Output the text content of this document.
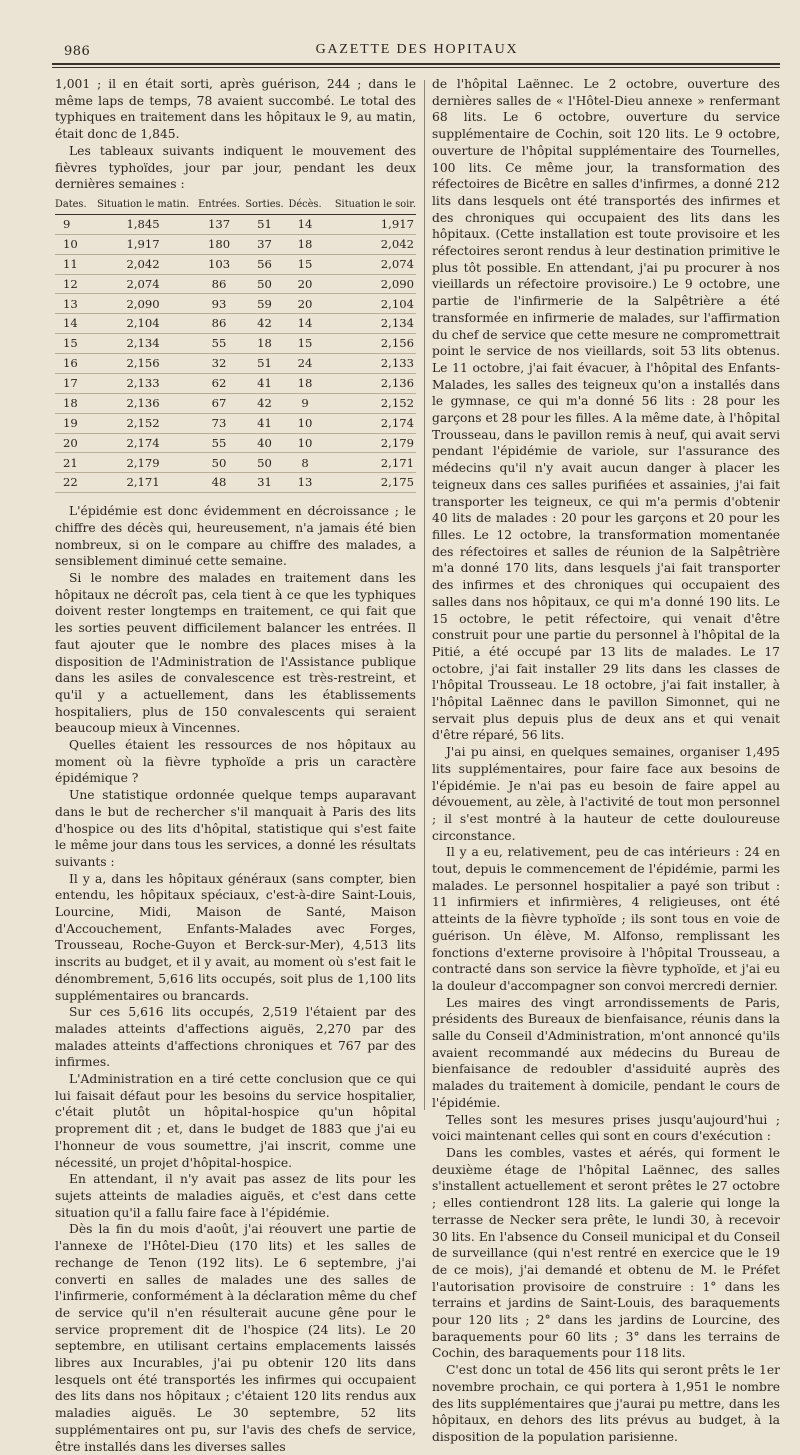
986	GAZETTE DES HOPITAUX

1,001 ; il en était sorti, après guérison, 244 ; dans le même laps de temps, 78 avaient succombé. Le total des typhiques en traitement dans les hôpitaux le 9, au matin, était donc de 1,845.

Les tableaux suivants indiquent le mouvement des fièvres typhoïdes, jour par jour, pendant les deux dernières semaines :

Dates.	Situation le matin.	Entrées.	Sorties.	Décès.	Situation le soir.
9	1,845	137	51	14	1,917
10	1,917	180	37	18	2,042
11	2,042	103	56	15	2,074
12	2,074	86	50	20	2,090
13	2,090	93	59	20	2,104
14	2,104	86	42	14	2,134
15	2,134	55	18	15	2,156
16	2,156	32	51	24	2,133
17	2,133	62	41	18	2,136
18	2,136	67	42	9	2,152
19	2,152	73	41	10	2,174
20	2,174	55	40	10	2,179
21	2,179	50	50	8	2,171
22	2,171	48	31	13	2,175

L'épidémie est donc évidemment en décroissance ; le chiffre des décès qui, heureusement, n'a jamais été bien nombreux, si on le compare au chiffre des malades, a sensiblement diminué cette semaine.

Si le nombre des malades en traitement dans les hôpitaux ne décroît pas, cela tient à ce que les typhiques doivent rester longtemps en traitement, ce qui fait que les sorties peuvent difficilement balancer les entrées. Il faut ajouter que le nombre des places mises à la disposition de l'Administration de l'Assistance publique dans les asiles de convalescence est très-restreint, et qu'il y a actuellement, dans les établissements hospitaliers, plus de 150 convalescents qui seraient beaucoup mieux à Vincennes.

Quelles étaient les ressources de nos hôpitaux au moment où la fièvre typhoïde a pris un caractère épidémique ?

Une statistique ordonnée quelque temps auparavant dans le but de rechercher s'il manquait à Paris des lits d'hospice ou des lits d'hôpital, statistique qui s'est faite le même jour dans tous les services, a donné les résultats suivants :

Il y a, dans les hôpitaux généraux (sans compter, bien entendu, les hôpitaux spéciaux, c'est-à-dire Saint-Louis, Lourcine, Midi, Maison de Santé, Maison d'Accouchement, Enfants-Malades avec Forges, Trousseau, Roche-Guyon et Berck-sur-Mer), 4,513 lits inscrits au budget, et il y avait, au moment où s'est fait le dénombrement, 5,616 lits occupés, soit plus de 1,100 lits supplémentaires ou brancards.

Sur ces 5,616 lits occupés, 2,519 l'étaient par des malades atteints d'affections aiguës, 2,270 par des malades atteints d'affections chroniques et 767 par des infirmes.

L'Administration en a tiré cette conclusion que ce qui lui faisait défaut pour les besoins du service hospitalier, c'était plutôt un hôpital-hospice qu'un hôpital proprement dit ; et, dans le budget de 1883 que j'ai eu l'honneur de vous soumettre, j'ai inscrit, comme une nécessité, un projet d'hôpital-hospice.

En attendant, il n'y avait pas assez de lits pour les sujets atteints de maladies aiguës, et c'est dans cette situation qu'il a fallu faire face à l'épidémie.

Dès la fin du mois d'août, j'ai réouvert une partie de l'annexe de l'Hôtel-Dieu (170 lits) et les salles de rechange de Tenon (192 lits). Le 6 septembre, j'ai converti en salles de malades une des salles de l'infirmerie, conformément à la déclaration même du chef de service qu'il n'en résulterait aucune gêne pour le service proprement dit de l'hospice (24 lits). Le 20 septembre, en utilisant certains emplacements laissés libres aux Incurables, j'ai pu obtenir 120 lits dans lesquels ont été transportés les infirmes qui occupaient des lits dans nos hôpitaux ; c'étaient 120 lits rendus aux maladies aiguës. Le 30 septembre, 52 lits supplémentaires ont pu, sur l'avis des chefs de service, être installés dans les diverses salles

de l'hôpital Laënnec. Le 2 octobre, ouverture des dernières salles de « l'Hôtel-Dieu annexe » renfermant 68 lits. Le 6 octobre, ouverture du service supplémentaire de Cochin, soit 120 lits. Le 9 octobre, ouverture de l'hôpital supplémentaire des Tournelles, 100 lits. Ce même jour, la transformation des réfectoires de Bicêtre en salles d'infirmes, a donné 212 lits dans lesquels ont été transportés des infirmes et des chroniques qui occupaient des lits dans les hôpitaux. (Cette installation est toute provisoire et les réfectoires seront rendus à leur destination primitive le plus tôt possible. En attendant, j'ai pu procurer à nos vieillards un réfectoire provisoire.) Le 9 octobre, une partie de l'infirmerie de la Salpêtrière a été transformée en infirmerie de malades, sur l'affirmation du chef de service que cette mesure ne compromettrait point le service de nos vieillards, soit 53 lits obtenus. Le 11 octobre, j'ai fait évacuer, à l'hôpital des Enfants-Malades, les salles des teigneux qu'on a installés dans le gymnase, ce qui m'a donné 56 lits : 28 pour les garçons et 28 pour les filles. A la même date, à l'hôpital Trousseau, dans le pavillon remis à neuf, qui avait servi pendant l'épidémie de variole, sur l'assurance des médecins qu'il n'y avait aucun danger à placer les teigneux dans ces salles purifiées et assainies, j'ai fait transporter les teigneux, ce qui m'a permis d'obtenir 40 lits de malades : 20 pour les garçons et 20 pour les filles. Le 12 octobre, la transformation momentanée des réfectoires et salles de réunion de la Salpêtrière m'a donné 170 lits, dans lesquels j'ai fait transporter des infirmes et des chroniques qui occupaient des salles dans nos hôpitaux, ce qui m'a donné 190 lits. Le 15 octobre, le petit réfectoire, qui venait d'être construit pour une partie du personnel à l'hôpital de la Pitié, a été occupé par 13 lits de malades. Le 17 octobre, j'ai fait installer 29 lits dans les classes de l'hôpital Trousseau. Le 18 octobre, j'ai fait installer, à l'hôpital Laënnec dans le pavillon Simonnet, qui ne servait plus depuis plus de deux ans et qui venait d'être réparé, 56 lits.

J'ai pu ainsi, en quelques semaines, organiser 1,495 lits supplémentaires, pour faire face aux besoins de l'épidémie. Je n'ai pas eu besoin de faire appel au dévouement, au zèle, à l'activité de tout mon personnel ; il s'est montré à la hauteur de cette douloureuse circonstance.

Il y a eu, relativement, peu de cas intérieurs : 24 en tout, depuis le commencement de l'épidémie, parmi les malades. Le personnel hospitalier a payé son tribut : 11 infirmiers et infirmières, 4 religieuses, ont été atteints de la fièvre typhoïde ; ils sont tous en voie de guérison. Un élève, M. Alfonso, remplissant les fonctions d'externe provisoire à l'hôpital Trousseau, a contracté dans son service la fièvre typhoïde, et j'ai eu la douleur d'accompagner son convoi mercredi dernier.

Les maires des vingt arrondissements de Paris, présidents des Bureaux de bienfaisance, réunis dans la salle du Conseil d'Administration, m'ont annoncé qu'ils avaient recommandé aux médecins du Bureau de bienfaisance de redoubler d'assiduité auprès des malades du traitement à domicile, pendant le cours de l'épidémie.

Telles sont les mesures prises jusqu'aujourd'hui ; voici maintenant celles qui sont en cours d'exécution :

Dans les combles, vastes et aérés, qui forment le deuxième étage de l'hôpital Laënnec, des salles s'installent actuellement et seront prêtes le 27 octobre ; elles contiendront 128 lits. La galerie qui longe la terrasse de Necker sera prête, le lundi 30, à recevoir 30 lits. En l'absence du Conseil municipal et du Conseil de surveillance (qui n'est rentré en exercice que le 19 de ce mois), j'ai demandé et obtenu de M. le Préfet l'autorisation provisoire de construire : 1° dans les terrains et jardins de Saint-Louis, des baraquements pour 120 lits ; 2° dans les jardins de Lourcine, des baraquements pour 60 lits ; 3° dans les terrains de Cochin, des baraquements pour 118 lits.

C'est donc un total de 456 lits qui seront prêts le 1er novembre prochain, ce qui portera à 1,951 le nombre des lits supplémentaires que j'aurai pu mettre, dans les hôpitaux, en dehors des lits prévus au budget, à la disposition de la population parisienne.
